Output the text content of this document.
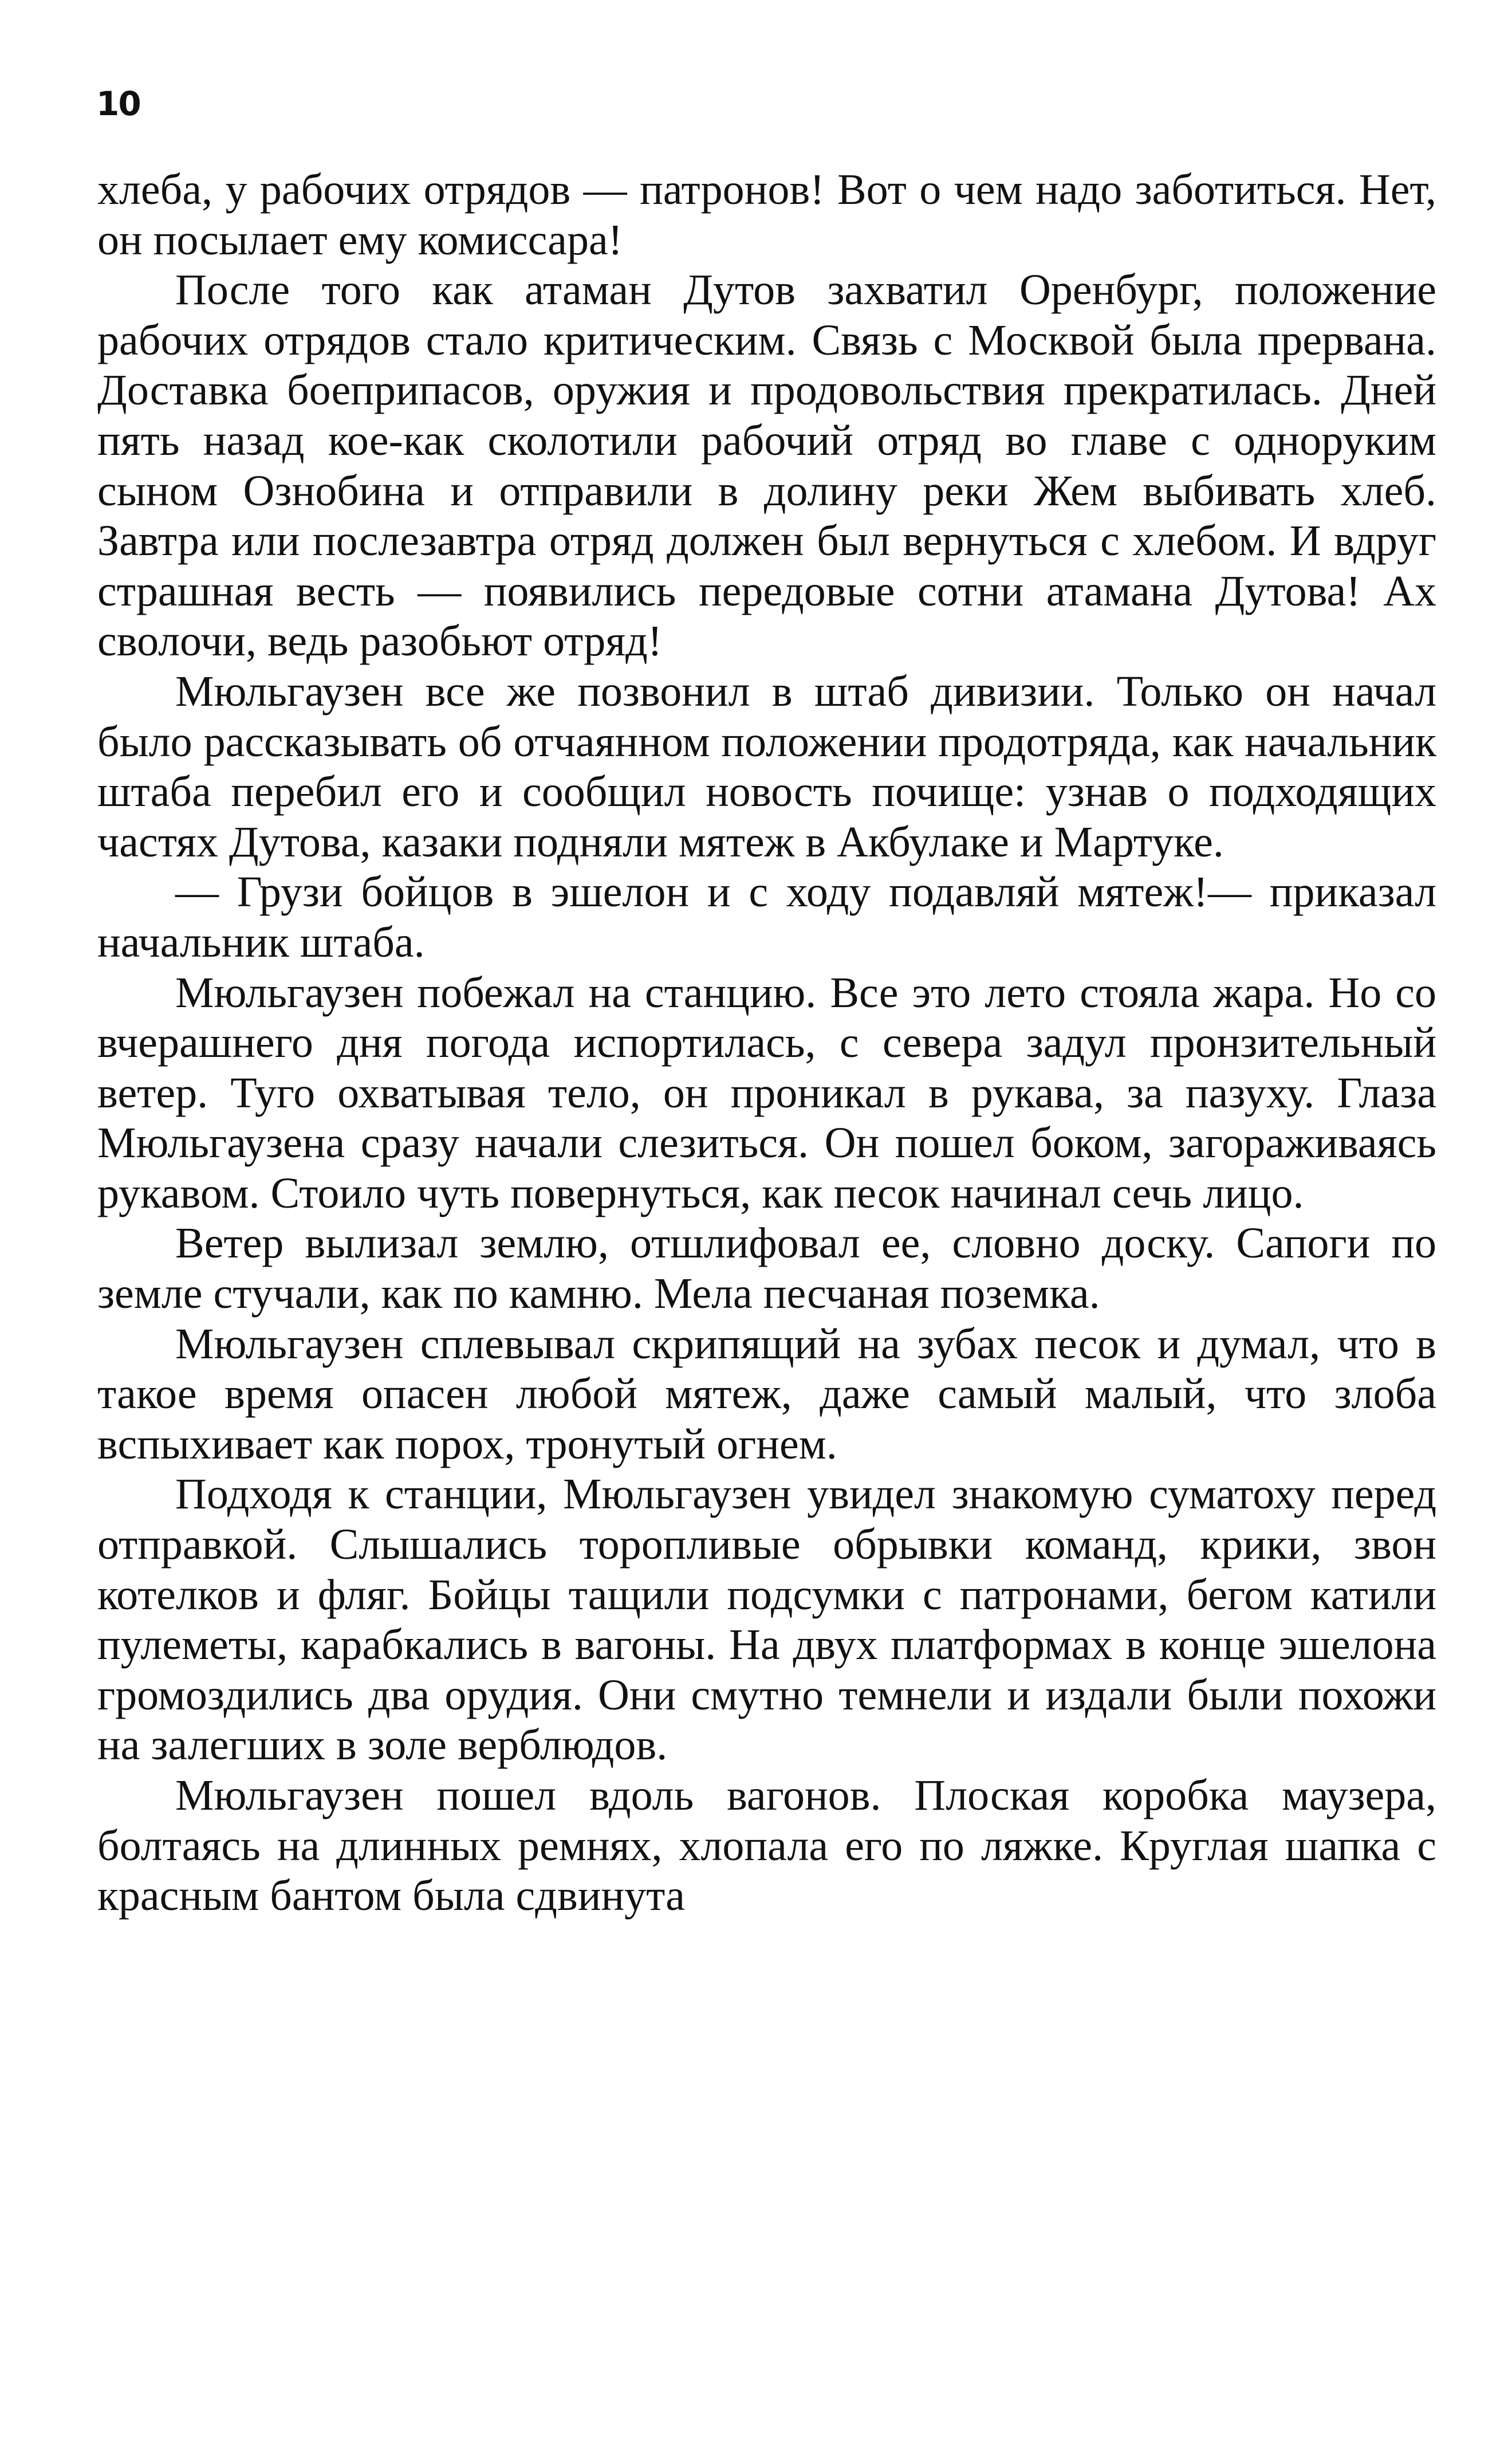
10

хлеба, у рабочих отрядов — патронов! Вот о чем надо заботиться. Нет, он посылает ему комиссара!

После того как атаман Дутов захватил Оренбург, положение рабочих отрядов стало критическим. Связь с Москвой была прервана. Доставка боеприпасов, оружия и продовольствия прекратилась. Дней пять назад кое-как сколотили рабочий отряд во главе с одноруким сыном Ознобина и отправили в долину реки Жем выбивать хлеб. Завтра или послезавтра отряд должен был вернуться с хлебом. И вдруг страшная весть — появились передовые сотни атамана Дутова! Ах сволочи, ведь разобьют отряд!

Мюльгаузен все же позвонил в штаб дивизии. Только он начал было рассказывать об отчаянном положении продотряда, как начальник штаба перебил его и сообщил новость почище: узнав о подходящих частях Дутова, казаки подняли мятеж в Акбулаке и Мартуке.

— Грузи бойцов в эшелон и с ходу подавляй мятеж!— приказал начальник штаба.

Мюльгаузен побежал на станцию. Все это лето стояла жара. Но со вчерашнего дня погода испортилась, с севера задул пронзительный ветер. Туго охватывая тело, он проникал в рукава, за пазуху. Глаза Мюльгаузена сразу начали слезиться. Он пошел боком, загораживаясь рукавом. Стоило чуть повернуться, как песок начинал сечь лицо.

Ветер вылизал землю, отшлифовал ее, словно доску. Сапоги по земле стучали, как по камню. Мела песчаная поземка.

Мюльгаузен сплевывал скрипящий на зубах песок и думал, что в такое время опасен любой мятеж, даже самый малый, что злоба вспыхивает как порох, тронутый огнем.

Подходя к станции, Мюльгаузен увидел знакомую суматоху перед отправкой. Слышались торопливые обрывки команд, крики, звон котелков и фляг. Бойцы тащили подсумки с патронами, бегом катили пулеметы, карабкались в вагоны. На двух платформах в конце эшелона громоздились два орудия. Они смутно темнели и издали были похожи на залегших в золе верблюдов.

Мюльгаузен пошел вдоль вагонов. Плоская коробка маузера, болтаясь на длинных ремнях, хлопала его по ляжке. Круглая шапка с красным бантом была сдвинута
